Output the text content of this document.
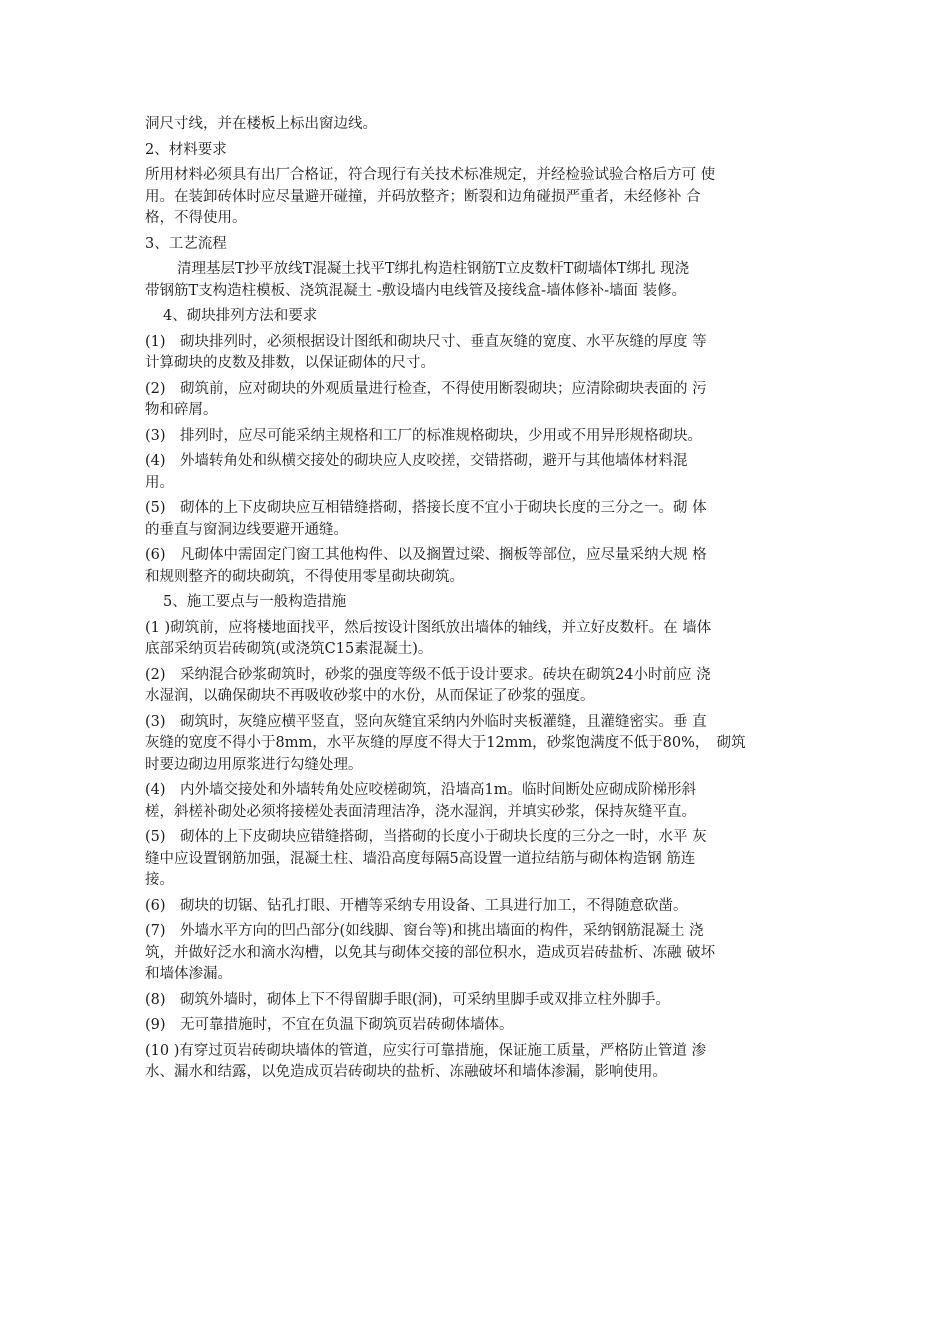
洞尺寸线，并在楼板上标出窗边线。
2、材料要求
所用材料必须具有出厂合格证，符合现行有关技术标准规定，并经检验试验合格后方可 使
用。在装卸砖体时应尽量避开碰撞，并码放整齐；断裂和边角碰损严重者，未经修补 合
格，不得使用。
3、工艺流程
清理基层Τ抄平放线Τ混凝土找平Τ绑扎构造柱钢筋Τ立皮数杆Τ砌墙体Τ绑扎 现浇
带钢筋Τ支构造柱模板、浇筑混凝土 -敷设墙内电线管及接线盒-墙体修补-墙面 装修。
4、砌块排列方法和要求
(1)　砌块排列时，必须根据设计图纸和砌块尺寸、垂直灰缝的宽度、水平灰缝的厚度 等
计算砌块的皮数及排数，以保证砌体的尺寸。
(2)　砌筑前，应对砌块的外观质量进行检查，不得使用断裂砌块；应清除砌块表面的 污
物和碎屑。
(3)　排列时，应尽可能采纳主规格和工厂的标准规格砌块，少用或不用异形规格砌块。
(4)　外墙转角处和纵横交接处的砌块应人皮咬搓，交错搭砌，避开与其他墙体材料混
用。
(5)　砌体的上下皮砌块应互相错缝搭砌，搭接长度不宜小于砌块长度的三分之一。砌 体
的垂直与窗洞边线要避开通缝。
(6)　凡砌体中需固定门窗工其他构件、以及搁置过梁、搁板等部位，应尽量采纳大规 格
和规则整齐的砌块砌筑，不得使用零星砌块砌筑。
5、施工要点与一般构造措施
(1 )砌筑前，应将楼地面找平，然后按设计图纸放出墙体的轴线，并立好皮数杆。在 墙体
底部采纳页岩砖砌筑(或浇筑C15素混凝土)。
(2)　采纳混合砂浆砌筑时，砂浆的强度等级不低于设计要求。砖块在砌筑24小时前应 浇
水湿润，以确保砌块不再吸收砂浆中的水份，从而保证了砂浆的强度。
(3)　砌筑时，灰缝应横平竖直，竖向灰缝宜采纳内外临时夹板灌缝，且灌缝密实。垂 直
灰缝的宽度不得小于8mm，水平灰缝的厚度不得大于12mm，砂浆饱满度不低于80%，　砌筑
时要边砌边用原浆进行勾缝处理。
(4)　内外墙交接处和外墙转角处应咬槎砌筑，沿墙高1m。临时间断处应砌成阶梯形斜
槎，斜槎补砌处必须将接槎处表面清理洁净，浇水湿润，并填实砂浆，保持灰缝平直。
(5)　砌体的上下皮砌块应错缝搭砌，当搭砌的长度小于砌块长度的三分之一时，水平 灰
缝中应设置钢筋加强，混凝土柱、墙沿高度每隔5高设置一道拉结筋与砌体构造钢 筋连
接。
(6)　砌块的切锯、钻孔打眼、开槽等采纳专用设备、工具进行加工，不得随意砍凿。
(7)　外墙水平方向的凹凸部分(如线脚、窗台等)和挑出墙面的构件，采纳钢筋混凝土 浇
筑，并做好泛水和滴水沟槽，以免其与砌体交接的部位积水，造成页岩砖盐析、冻融 破坏
和墙体渗漏。
(8)　砌筑外墙时，砌体上下不得留脚手眼(洞)，可采纳里脚手或双排立柱外脚手。
(9)　无可靠措施时，不宜在负温下砌筑页岩砖砌体墙体。
(10 )有穿过页岩砖砌块墙体的管道，应实行可靠措施，保证施工质量，严格防止管道 渗
水、漏水和结露，以免造成页岩砖砌块的盐析、冻融破坏和墙体渗漏，影响使用。
